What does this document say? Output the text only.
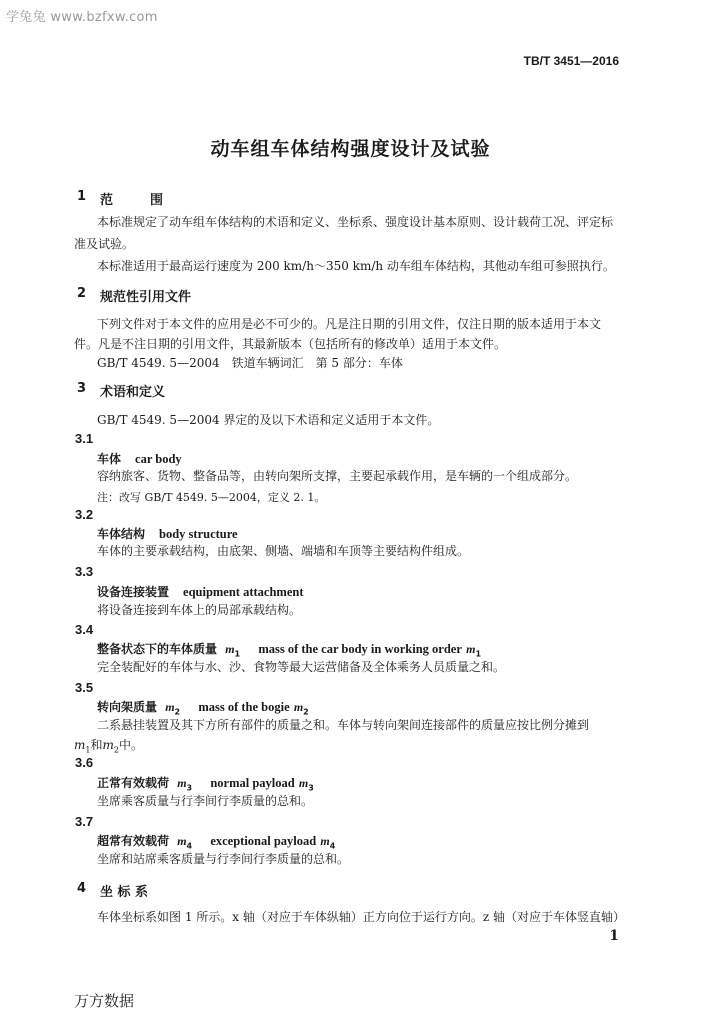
学兔兔 www.bzfxw.com
TB/T 3451—2016
动车组车体结构强度设计及试验
1 范　围
本标准规定了动车组车体结构的术语和定义、坐标系、强度设计基本原则、设计载荷工况、评定标
准及试验。
本标准适用于最高运行速度为 200 km/h～350 km/h 动车组车体结构，其他动车组可参照执行。
2 规范性引用文件
下列文件对于本文件的应用是必不可少的。凡是注日期的引用文件，仅注日期的版本适用于本文
件。凡是不注日期的引用文件，其最新版本（包括所有的修改单）适用于本文件。
GB/T 4549. 5—2004　铁道车辆词汇　第 5 部分：车体
3 术语和定义
GB/T 4549. 5—2004 界定的及以下术语和定义适用于本文件。
3.1
车体 car body
容纳旅客、货物、整备品等，由转向架所支撑，主要起承载作用，是车辆的一个组成部分。
注：改写 GB/T 4549. 5—2004，定义 2. 1。
3.2
车体结构 body structure
车体的主要承载结构，由底架、侧墙、端墙和车顶等主要结构件组成。
3.3
设备连接装置 equipment attachment
将设备连接到车体上的局部承载结构。
3.4
整备状态下的车体质量 $m_1$ mass of the car body in working order $m_1$
完全装配好的车体与水、沙、食物等最大运营储备及全体乘务人员质量之和。
3.5
转向架质量 $m_2$ mass of the bogie $m_2$
二系悬挂装置及其下方所有部件的质量之和。车体与转向架间连接部件的质量应按比例分摊到
$m_1$和$m_2$中。
3.6
正常有效载荷 $m_3$ normal payload $m_3$
坐席乘客质量与行李间行李质量的总和。
3.7
超常有效载荷 $m_4$ exceptional payload $m_4$
坐席和站席乘客质量与行李间行李质量的总和。
4 坐 标 系
车体坐标系如图 1 所示。x 轴（对应于车体纵轴）正方向位于运行方向。z 轴（对应于车体竖直轴）
1
万方数据
